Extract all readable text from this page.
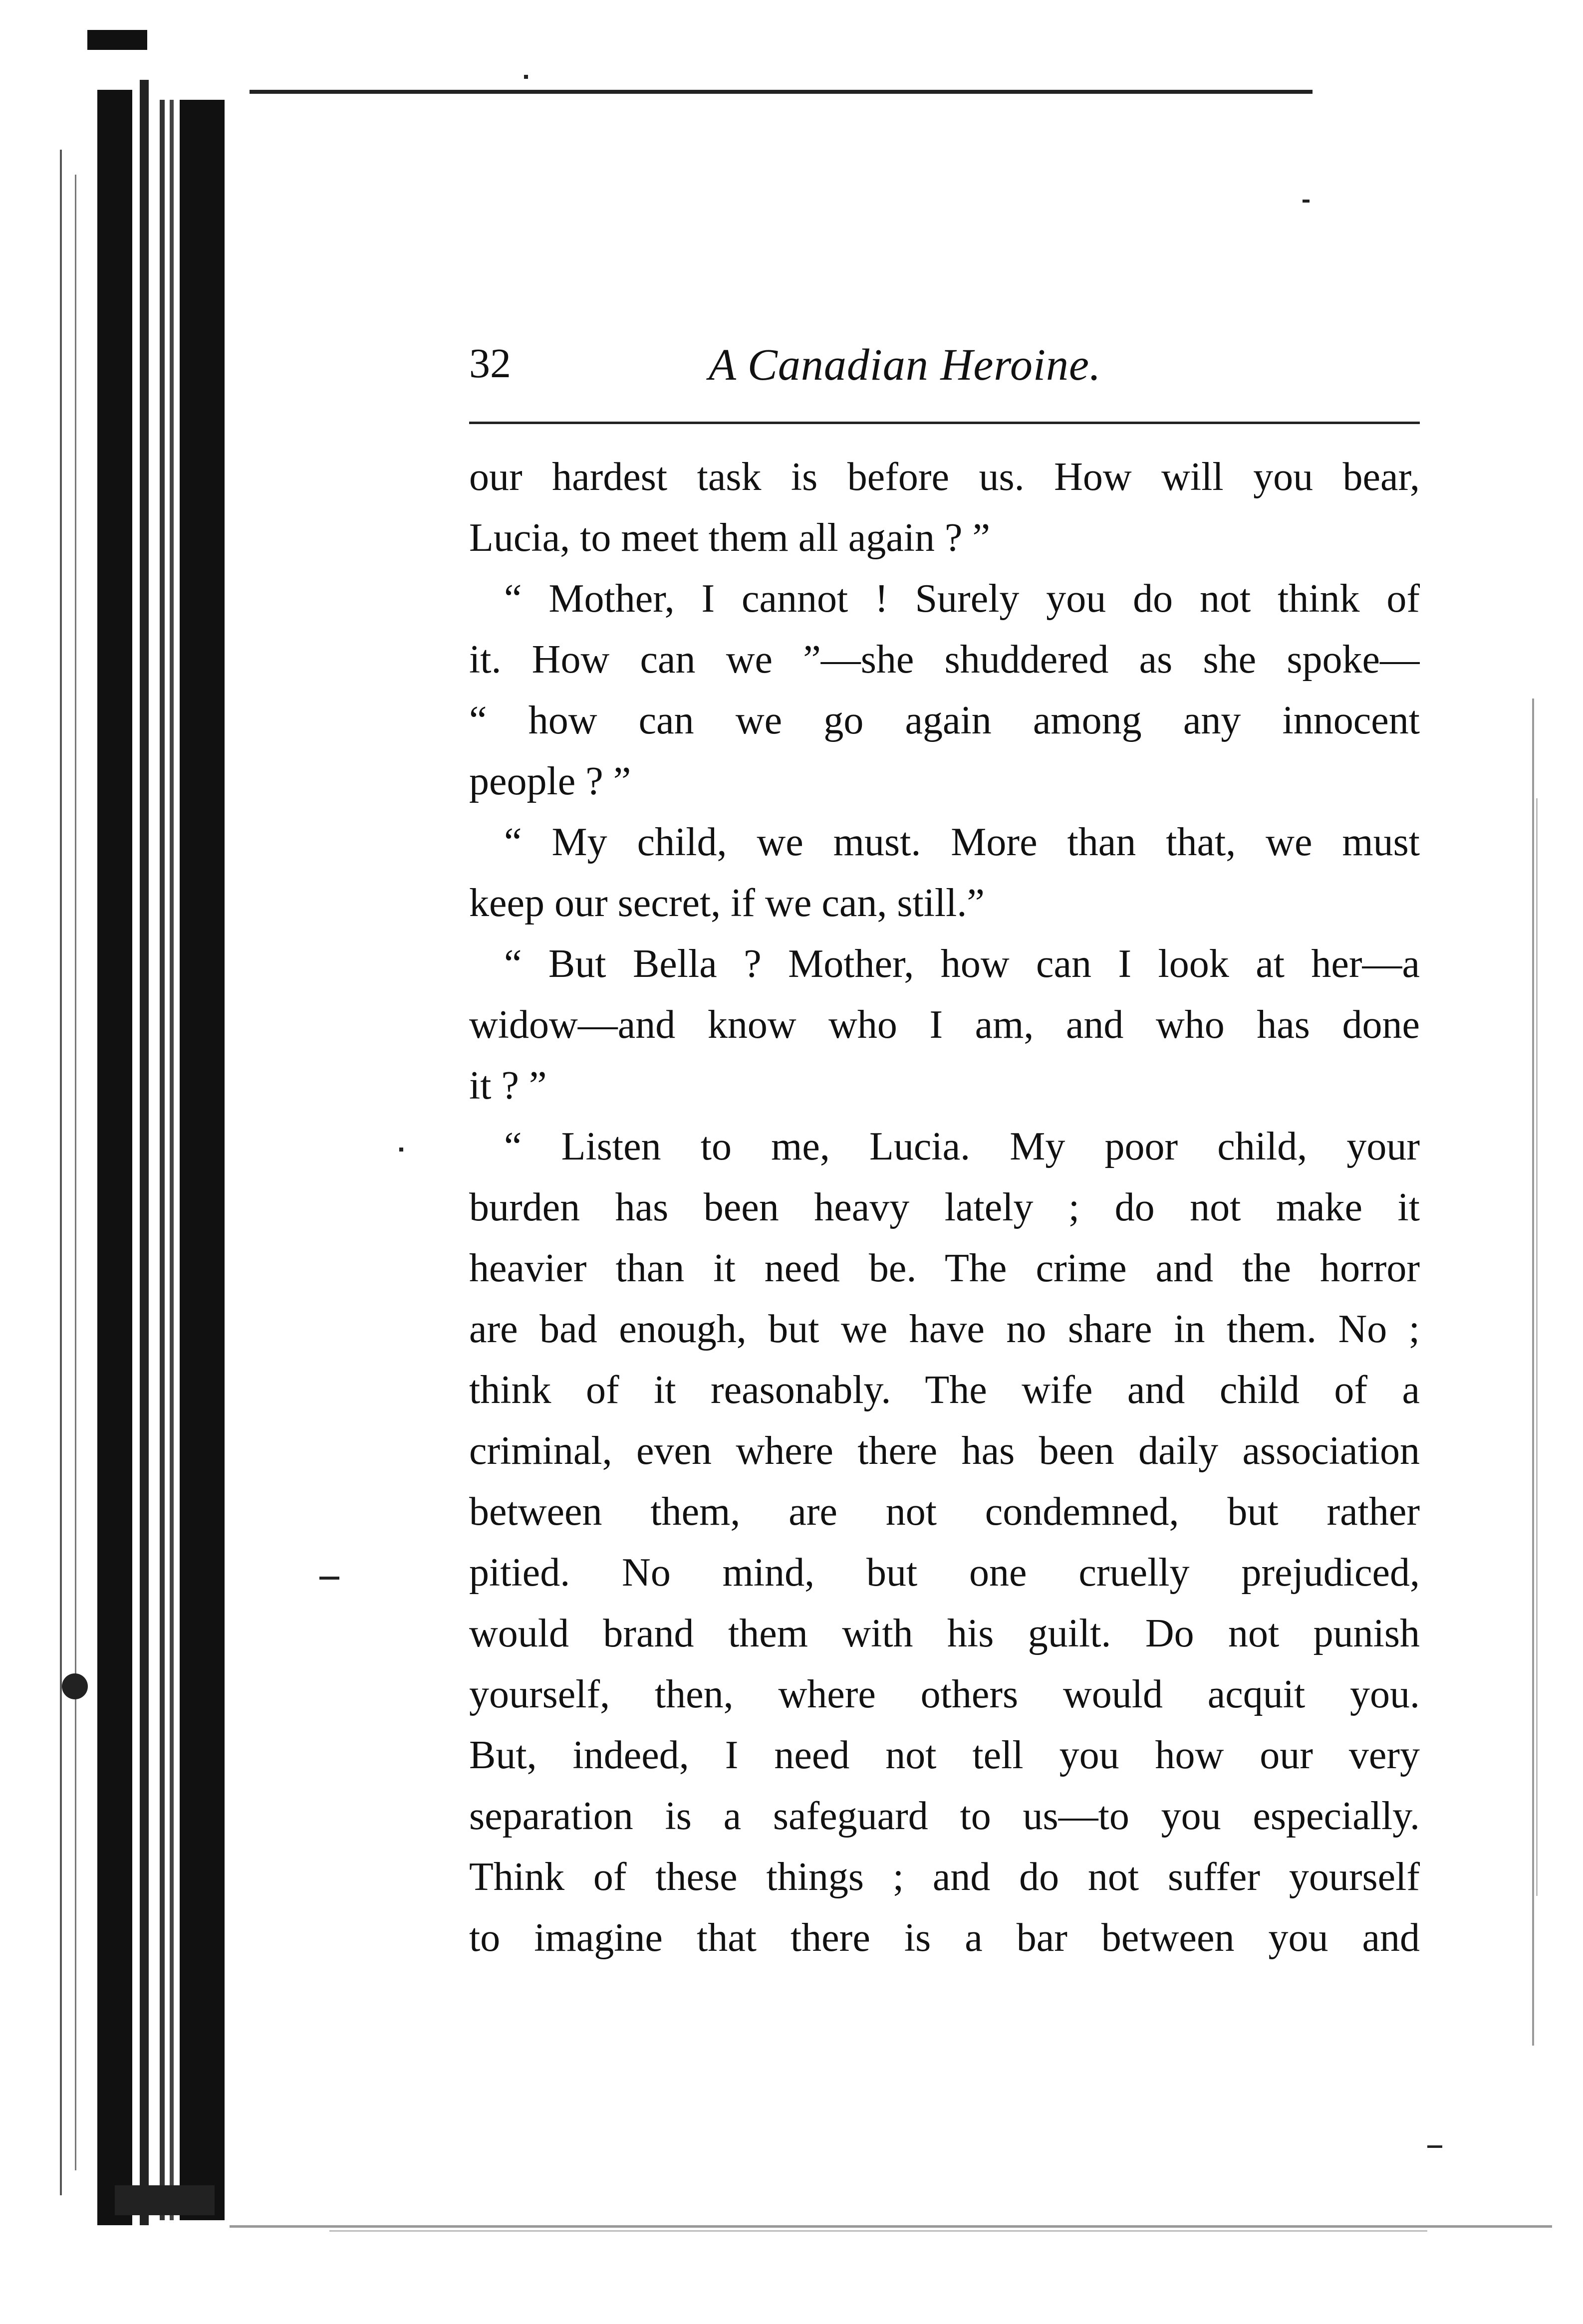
32	A Canadian Heroine.
our hardest task is before us. How will you bear,
Lucia, to meet them all again ? ”
“ Mother, I cannot ! Surely you do not think of
it. How can we ”—she shuddered as she spoke—
“ how can we go again among any innocent
people ? ”
“ My child, we must. More than that, we must
keep our secret, if we can, still.”
“ But Bella ? Mother, how can I look at her—a
widow—and know who I am, and who has done
it ? ”
“ Listen to me, Lucia. My poor child, your
burden has been heavy lately ; do not make it
heavier than it need be. The crime and the horror
are bad enough, but we have no share in them. No ;
think of it reasonably. The wife and child of a
criminal, even where there has been daily association
between them, are not condemned, but rather
pitied. No mind, but one cruelly prejudiced,
would brand them with his guilt. Do not punish
yourself, then, where others would acquit you.
But, indeed, I need not tell you how our very
separation is a safeguard to us—to you especially.
Think of these things ; and do not suffer yourself
to imagine that there is a bar between you and
